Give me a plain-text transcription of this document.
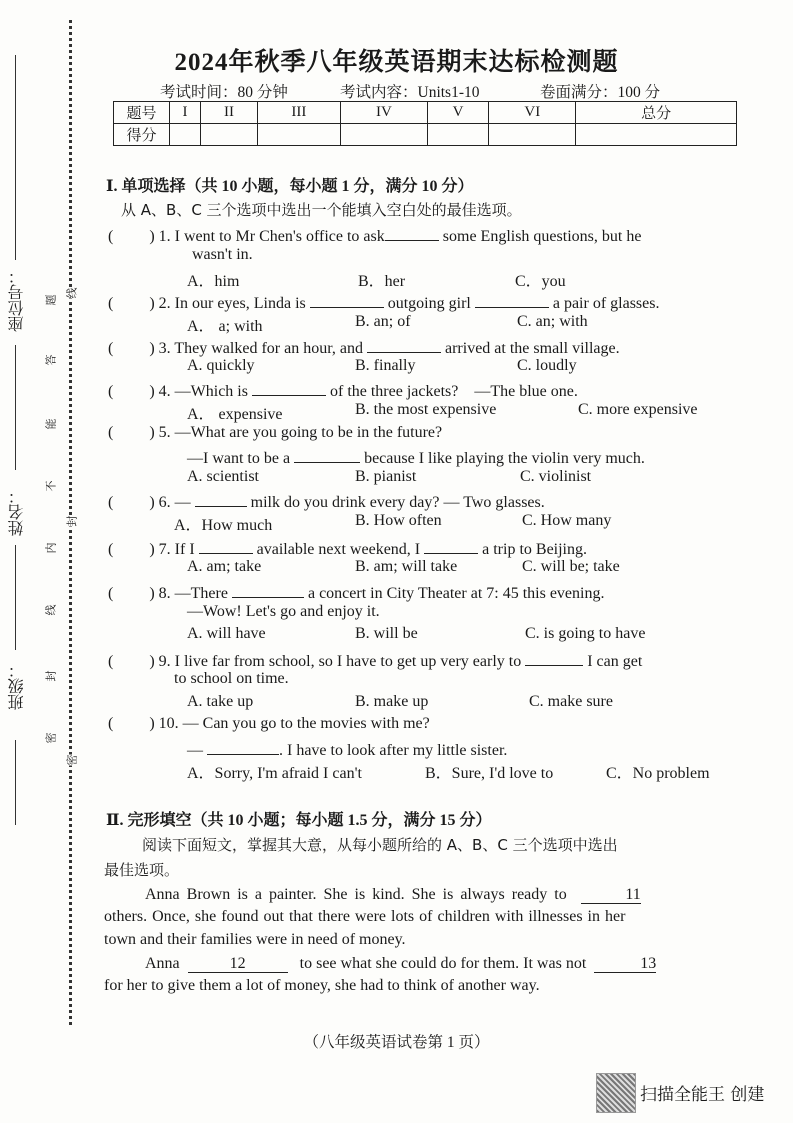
座位号：
姓名：
班级：
题
答
能
不
内
线
封
密
线
封
密
2024年秋季八年级英语期末达标检测题
考试时间：80 分钟	考试内容：Units1-10	卷面满分：100 分
题号	I	II	III	IV	V	VI	总分
得分							
Ⅰ. 单项选择（共 10 小题，每小题 1 分，满分 10 分）
从 A、B、C 三个选项中选出一个能填入空白处的最佳选项。
( ) 1. I went to Mr Chen's office to ask	some English questions, but he
wasn't in.
A．him	B．her	C．you
( ) 2. In our eyes, Linda is	outgoing girl	a pair of glasses.
A． a; with	B. an; of	C. an; with
( ) 3. They walked for an hour, and	arrived at the small village.
A. quickly	B. finally	C. loudly
( ) 4. —Which is	of the three jackets?　—The blue one.
A． expensive	B. the most expensive	C. more expensive
( ) 5. —What are you going to be in the future?
—I want to be a	because I like playing the violin very much.
A. scientist	B. pianist	C. violinist
( ) 6. —	milk do you drink every day? — Two glasses.
A．How much	B. How often	C. How many
( ) 7. If I	available next weekend, I	a trip to Beijing.
A. am; take	B. am; will take	C. will be; take
( ) 8. —There	a concert in City Theater at 7: 45 this evening.
—Wow! Let's go and enjoy it.
A. will have	B. will be	C. is going to have
( ) 9. I live far from school, so I have to get up very early to	I can get
to school on time.
A. take up	B. make up	C. make sure
( ) 10. — Can you go to the movies with me?
—	. I have to look after my little sister.
A．Sorry, I'm afraid I can't	B．Sure, I'd love to	C．No problem
Ⅱ. 完形填空（共 10 小题；每小题 1.5 分，满分 15 分）
阅读下面短文，掌握其大意，从每小题所给的 A、B、C 三个选项中选出
最佳选项。
Anna Brown is a painter. She is kind. She is always ready to	11
others. Once, she found out that there were lots of children with illnesses in her
town and their families were in need of money.
Anna	12	to see what she could do for them. It was not	13
for her to give them a lot of money, she had to think of another way.
（八年级英语试卷第 1 页）
扫描全能王 创建
